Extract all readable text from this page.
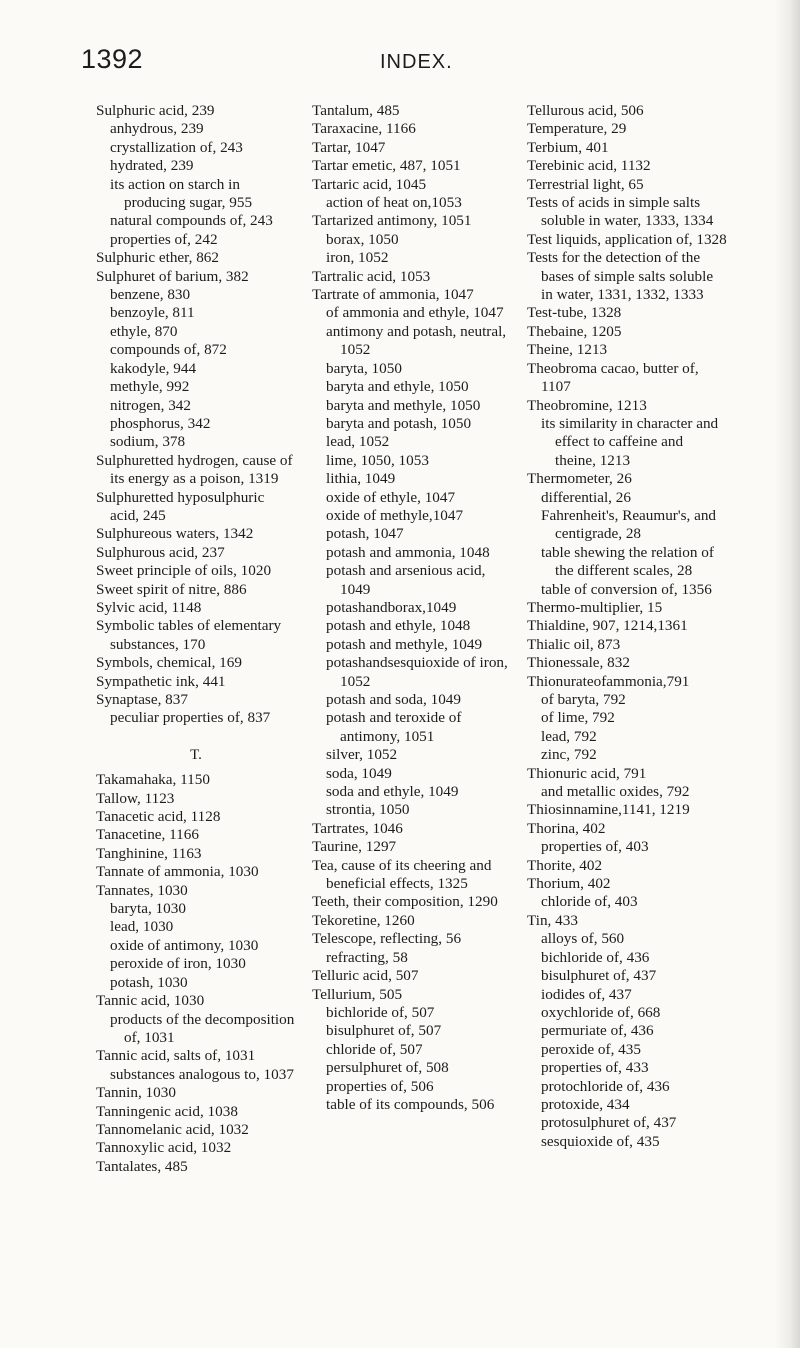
1392	INDEX.
Sulphuric acid, 239
anhydrous, 239
crystallization of, 243
hydrated, 239
its action on starch in producing sugar, 955
natural compounds of, 243
properties of, 242
Sulphuric ether, 862
Sulphuret of barium, 382
benzene, 830
benzoyle, 811
ethyle, 870
compounds of, 872
kakodyle, 944
methyle, 992
nitrogen, 342
phosphorus, 342
sodium, 378
Sulphuretted hydrogen, cause of its energy as a poison, 1319
Sulphuretted hyposulphuric acid, 245
Sulphureous waters, 1342
Sulphurous acid, 237
Sweet principle of oils, 1020
Sweet spirit of nitre, 886
Sylvic acid, 1148
Symbolic tables of elementary substances, 170
Symbols, chemical, 169
Sympathetic ink, 441
Synaptase, 837
peculiar properties of, 837
T.
Takamahaka, 1150
Tallow, 1123
Tanacetic acid, 1128
Tanacetine, 1166
Tanghinine, 1163
Tannate of ammonia, 1030
Tannates, 1030
baryta, 1030
lead, 1030
oxide of antimony, 1030
peroxide of iron, 1030
potash, 1030
Tannic acid, 1030
products of the decomposition of, 1031
Tannic acid, salts of, 1031
substances analogous to, 1037
Tannin, 1030
Tanningenic acid, 1038
Tannomelanic acid, 1032
Tannoxylic acid, 1032
Tantalates, 485
Tantalum, 485
Taraxacine, 1166
Tartar, 1047
Tartar emetic, 487, 1051
Tartaric acid, 1045
action of heat on,1053
Tartarized antimony, 1051
borax, 1050
iron, 1052
Tartralic acid, 1053
Tartrate of ammonia, 1047
of ammonia and ethyle, 1047
antimony and potash, neutral, 1052
baryta, 1050
baryta and ethyle, 1050
baryta and methyle, 1050
baryta and potash, 1050
lead, 1052
lime, 1050, 1053
lithia, 1049
oxide of ethyle, 1047
oxide of methyle,1047
potash, 1047
potash and ammonia, 1048
potash and arsenious acid, 1049
potashandborax,1049
potash and ethyle, 1048
potash and methyle, 1049
potashandsesquioxide of iron, 1052
potash and soda, 1049
potash and teroxide of antimony, 1051
silver, 1052
soda, 1049
soda and ethyle, 1049
strontia, 1050
Tartrates, 1046
Taurine, 1297
Tea, cause of its cheering and beneficial effects, 1325
Teeth, their composition, 1290
Tekoretine, 1260
Telescope, reflecting, 56
refracting, 58
Telluric acid, 507
Tellurium, 505
bichloride of, 507
bisulphuret of, 507
chloride of, 507
persulphuret of, 508
properties of, 506
table of its compounds, 506
Tellurous acid, 506
Temperature, 29
Terbium, 401
Terebinic acid, 1132
Terrestrial light, 65
Tests of acids in simple salts soluble in water, 1333, 1334
Test liquids, application of, 1328
Tests for the detection of the bases of simple salts soluble in water, 1331, 1332, 1333
Test-tube, 1328
Thebaine, 1205
Theine, 1213
Theobroma cacao, butter of, 1107
Theobromine, 1213
its similarity in character and effect to caffeine and theine, 1213
Thermometer, 26
differential, 26
Fahrenheit's, Reaumur's, and centigrade, 28
table shewing the relation of the different scales, 28
table of conversion of, 1356
Thermo-multiplier, 15
Thialdine, 907, 1214,1361
Thialic oil, 873
Thionessale, 832
Thionurateofammonia,791
of baryta, 792
of lime, 792
lead, 792
zinc, 792
Thionuric acid, 791
and metallic oxides, 792
Thiosinnamine,1141, 1219
Thorina, 402
properties of, 403
Thorite, 402
Thorium, 402
chloride of, 403
Tin, 433
alloys of, 560
bichloride of, 436
bisulphuret of, 437
iodides of, 437
oxychloride of, 668
permuriate of, 436
peroxide of, 435
properties of, 433
protochloride of, 436
protoxide, 434
protosulphuret of, 437
sesquioxide of, 435
